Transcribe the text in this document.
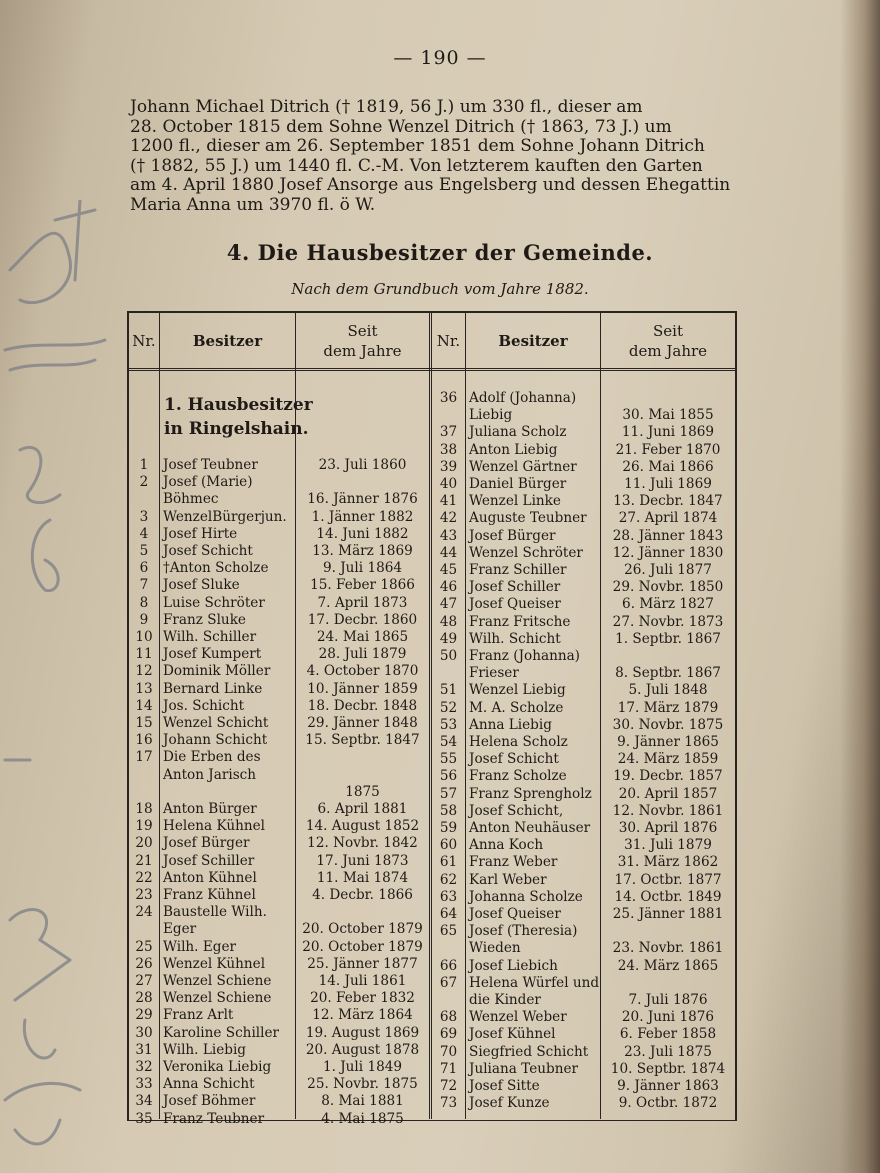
— 190 —
Johann Michael Ditrich († 1819, 56 J.) um 330 fl., dieser am
28. October 1815 dem Sohne Wenzel Ditrich († 1863, 73 J.) um
1200 fl., dieser am 26. September 1851 dem Sohne Johann Ditrich
(† 1882, 55 J.) um 1440 fl. C.-M. Von letzterem kauften den Garten
am 4. April 1880 Josef Ansorge aus Engelsberg und dessen Ehegattin
Maria Anna um 3970 fl. ö W.
4. Die Hausbesitzer der Gemeinde.
Nach dem Grundbuch vom Jahre 1882.
Nr.	Besitzer
Seit
dem Jahre
Nr.	Besitzer
Seit
dem Jahre
1	Josef Teubner	23. Juli 1860
2	Josef (Marie)
Böhmec	16. Jänner 1876
3	WenzelBürgerjun.	1. Jänner 1882
4	Josef Hirte	14. Juni 1882
5	Josef Schicht	13. März 1869
6	†Anton Scholze	9. Juli 1864
7	Josef Sluke	15. Feber 1866
8	Luise Schröter	7. April 1873
9	Franz Sluke	17. Decbr. 1860
10 Wilh. Schiller	24. Mai 1865
11 Josef Kumpert	28. Juli 1879
12 Dominik Möller	4. October 1870
13 Bernard Linke	10. Jänner 1859
14 Jos. Schicht	18. Decbr. 1848
15 Wenzel Schicht	29. Jänner 1848
16 Johann Schicht	15. Septbr. 1847
17 Die Erben des
Anton Jarisch
1875
18 Anton Bürger	6. April 1881
19 Helena Kühnel	14. August 1852
20 Josef Bürger	12. Novbr. 1842
21 Josef Schiller	17. Juni 1873
22 Anton Kühnel	11. Mai 1874
23 Franz Kühnel	4. Decbr. 1866
24 Baustelle Wilh.
Eger	20. October 1879
25 Wilh. Eger	20. October 1879
26 Wenzel Kühnel	25. Jänner 1877
27 Wenzel Schiene	14. Juli 1861
28 Wenzel Schiene	20. Feber 1832
29 Franz Arlt	12. März 1864
30 Karoline Schiller	19. August 1869
31 Wilh. Liebig	20. August 1878
32 Veronika Liebig	1. Juli 1849
33 Anna Schicht	25. Novbr. 1875
34 Josef Böhmer	8. Mai 1881
35 Franz Teubner	4. Mai 1875
36 Adolf (Johanna)
Liebig	30. Mai 1855
37 Juliana Scholz	11. Juni 1869
38 Anton Liebig	21. Feber 1870
39 Wenzel Gärtner	26. Mai 1866
40 Daniel Bürger	11. Juli 1869
41 Wenzel Linke	13. Decbr. 1847
42 Auguste Teubner	27. April 1874
43 Josef Bürger	28. Jänner 1843
44 Wenzel Schröter	12. Jänner 1830
45 Franz Schiller	26. Juli 1877
46 Josef Schiller	29. Novbr. 1850
47 Josef Queiser	6. März 1827
48 Franz Fritsche	27. Novbr. 1873
49 Wilh. Schicht	1. Septbr. 1867
50 Franz (Johanna)
Frieser	8. Septbr. 1867
51 Wenzel Liebig	5. Juli 1848
52 M. A. Scholze	17. März 1879
53 Anna Liebig	30. Novbr. 1875
54 Helena Scholz	9. Jänner 1865
55 Josef Schicht	24. März 1859
56 Franz Scholze	19. Decbr. 1857
57 Franz Sprengholz	20. April 1857
58 Josef Schicht,	12. Novbr. 1861
59 Anton Neuhäuser	30. April 1876
60 Anna Koch	31. Juli 1879
61 Franz Weber	31. März 1862
62 Karl Weber	17. Octbr. 1877
63 Johanna Scholze	14. Octbr. 1849
64 Josef Queiser	25. Jänner 1881
65 Josef (Theresia)
Wieden	23. Novbr. 1861
66 Josef Liebich	24. März 1865
67 Helena Würfel und
die Kinder	7. Juli 1876
68 Wenzel Weber	20. Juni 1876
69 Josef Kühnel	6. Feber 1858
70 Siegfried Schicht	23. Juli 1875
71 Juliana Teubner	10. Septbr. 1874
72 Josef Sitte	9. Jänner 1863
73 Josef Kunze	9. Octbr. 1872
1. Hausbesitzer
in Ringelshain.
